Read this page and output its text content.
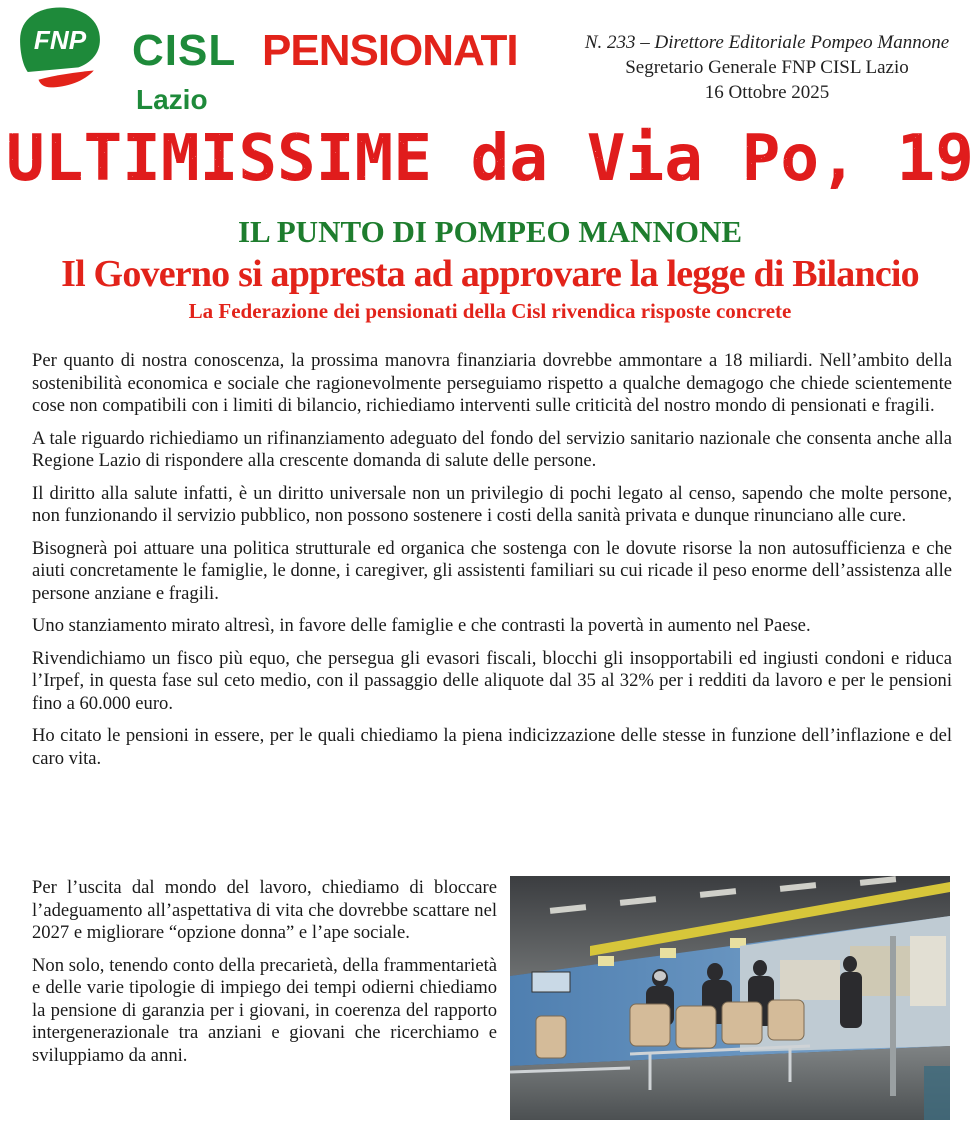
FNP CISL PENSIONATI
Lazio
N. 233 – Direttore Editoriale Pompeo Mannone
Segretario Generale FNP CISL Lazio
16 Ottobre 2025
ULTIMISSIME da Via Po, 19
IL PUNTO DI POMPEO MANNONE
Il Governo si appresta ad approvare la legge di Bilancio
La Federazione dei pensionati della Cisl rivendica risposte concrete

Per quanto di nostra conoscenza, la prossima manovra finanziaria dovrebbe ammontare a 18 miliardi. Nell’ambito della sostenibilità economica e sociale che ragionevolmente perseguiamo rispetto a qualche demagogo che chiede scientemente cose non compatibili con i limiti di bilancio, richiediamo interventi sulle criticità del nostro mondo di pensionati e fragili.

A tale riguardo richiediamo un rifinanziamento adeguato del fondo del servizio sanitario nazionale che consenta anche alla Regione Lazio di rispondere alla crescente domanda di salute delle persone.

Il diritto alla salute infatti, è un diritto universale non un privilegio di pochi legato al censo, sapendo che molte persone, non funzionando il servizio pubblico, non possono sostenere i costi della sanità privata e dunque rinunciano alle cure.

Bisognerà poi attuare una politica strutturale ed organica che sostenga con le dovute risorse la non autosufficienza e che aiuti concretamente le famiglie, le donne, i caregiver, gli assistenti familiari su cui ricade il peso enorme dell’assistenza alle persone anziane e fragili.

Uno stanziamento mirato altresì, in favore delle famiglie e che contrasti la povertà in aumento nel Paese.

Rivendichiamo un fisco più equo, che persegua gli evasori fiscali, blocchi gli insopportabili ed ingiusti condoni e riduca l’Irpef, in questa fase sul ceto medio, con il passaggio delle aliquote dal 35 al 32% per i redditi da lavoro e per le pensioni fino a 60.000 euro.

Ho citato le pensioni in essere, per le quali chiediamo la piena indicizzazione delle stesse in funzione dell’inflazione e del caro vita.

Per l’uscita dal mondo del lavoro, chiediamo di bloccare l’adeguamento all’aspettativa di vita che dovrebbe scattare nel 2027 e migliorare “opzione donna” e l’ape sociale.

Non solo, tenendo conto della precarietà, della frammentarietà e delle varie tipologie di impiego dei tempi odierni chiediamo la pensione di garanzia per i giovani, in coerenza del rapporto intergenerazionale tra anziani e giovani che ricerchiamo e sviluppiamo da anni.
